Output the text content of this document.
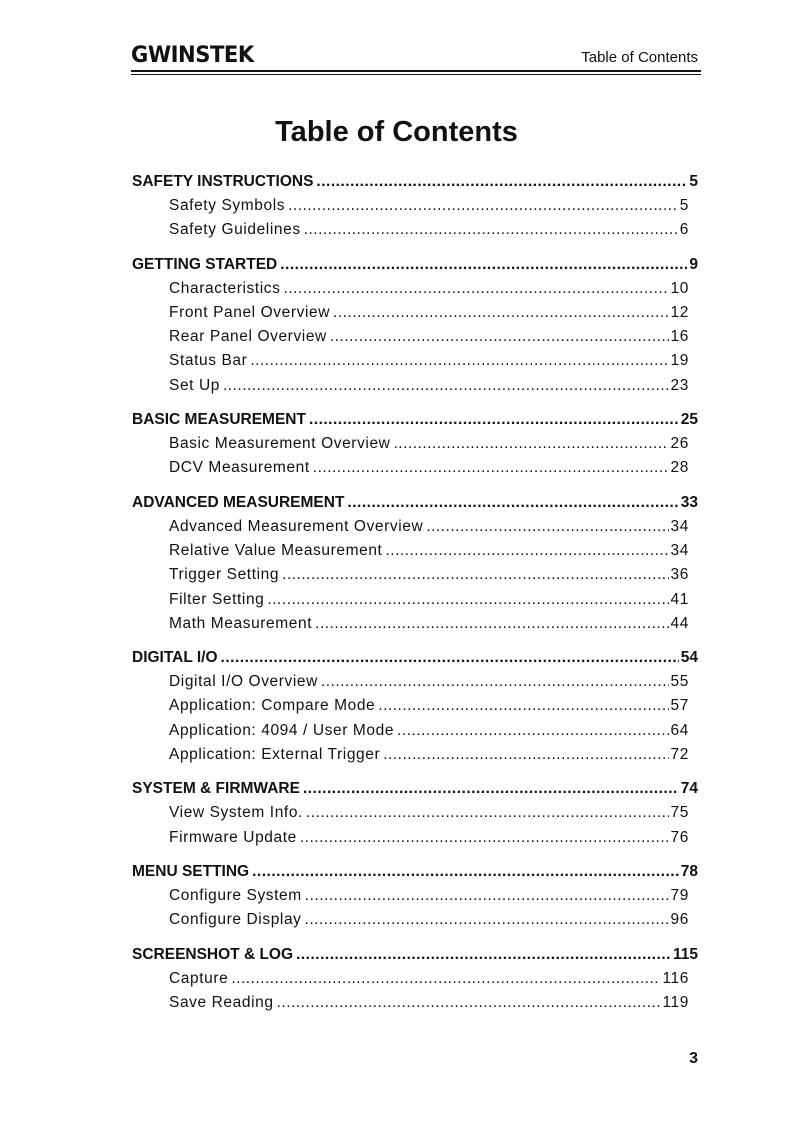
GWINSTEK	Table of Contents
Table of Contents
SAFETY INSTRUCTIONS .....	5
Safety Symbols .....	5
Safety Guidelines .....	6
GETTING STARTED .....	9
Characteristics .....	10
Front Panel Overview .....	12
Rear Panel Overview .....	16
Status Bar .....	19
Set Up .....	23
BASIC MEASUREMENT .....	25
Basic Measurement Overview .....	26
DCV Measurement .....	28
ADVANCED MEASUREMENT .....	33
Advanced Measurement Overview .....	34
Relative Value Measurement .....	34
Trigger Setting .....	36
Filter Setting .....	41
Math Measurement .....	44
DIGITAL I/O .....	54
Digital I/O Overview .....	55
Application: Compare Mode .....	57
Application: 4094 / User Mode .....	64
Application: External Trigger .....	72
SYSTEM & FIRMWARE .....	74
View System Info. .....	75
Firmware Update .....	76
MENU SETTING .....	78
Configure System .....	79
Configure Display .....	96
SCREENSHOT & LOG .....	115
Capture .....	116
Save Reading .....	119
3
